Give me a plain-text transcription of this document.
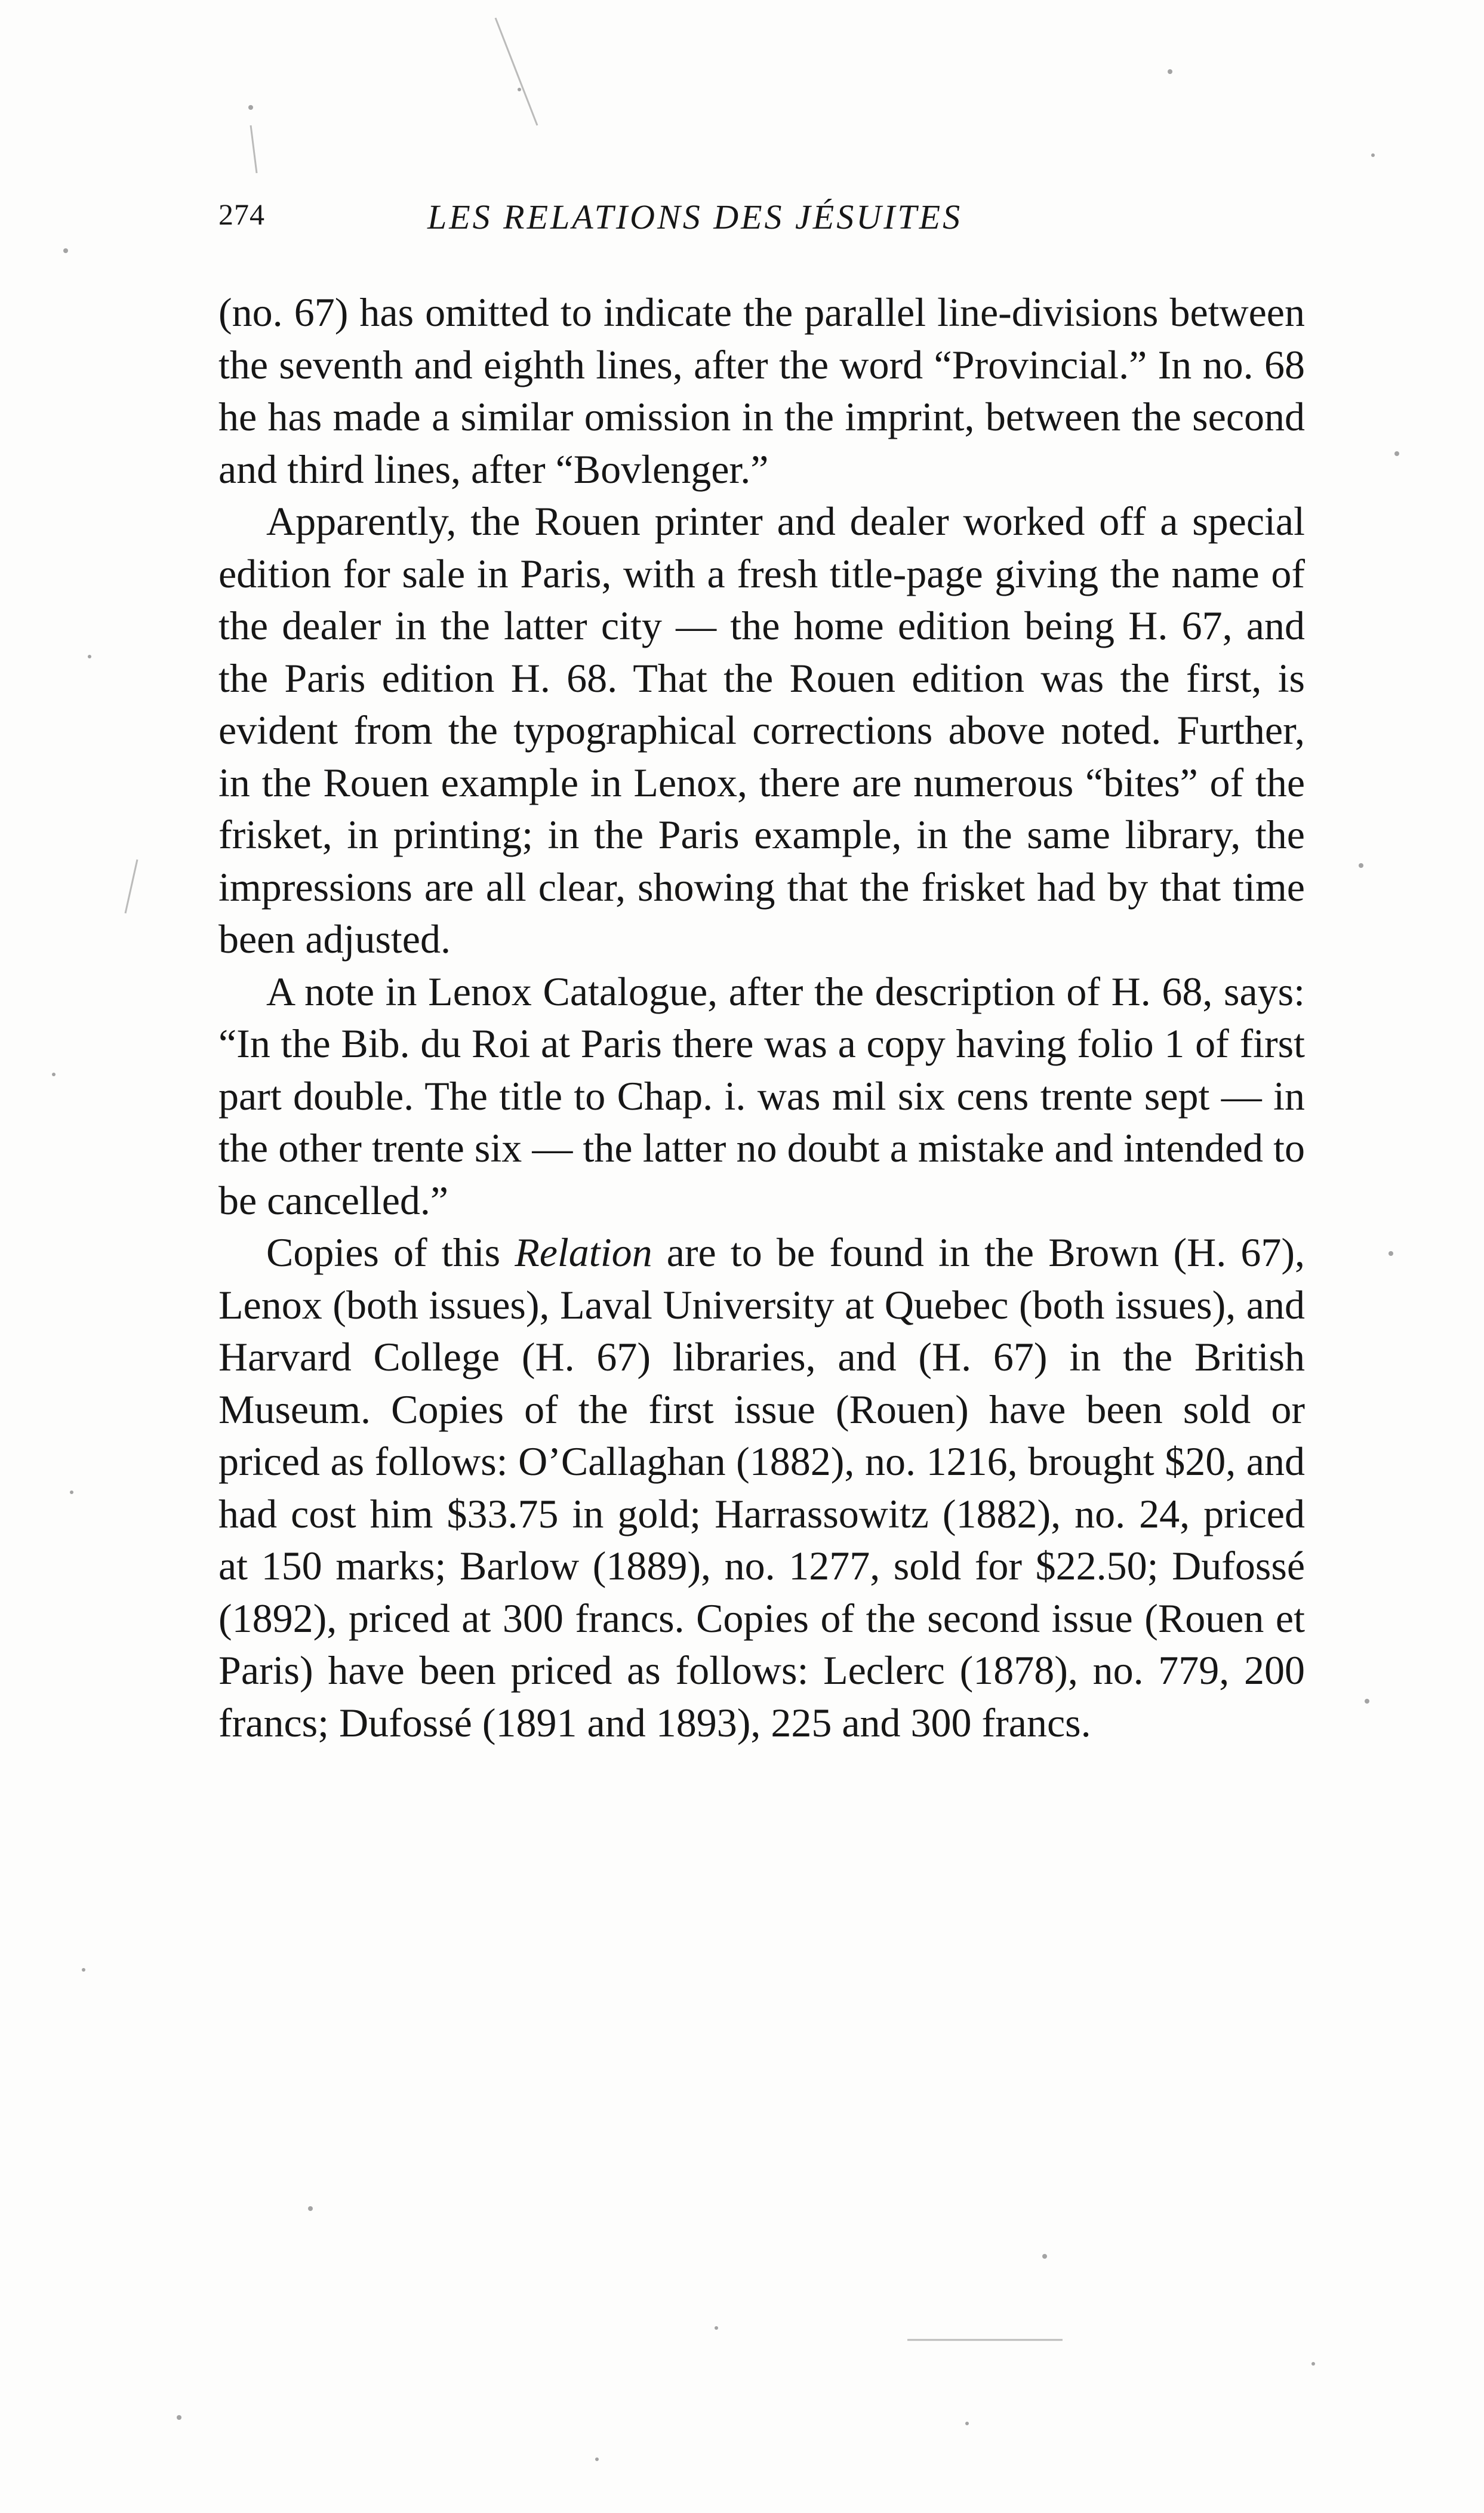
274	LES RELATIONS DES JÉSUITES

(no. 67) has omitted to indicate the parallel line-divisions between the seventh and eighth lines, after the word “Provincial.” In no. 68 he has made a similar omission in the imprint, between the second and third lines, after “Bovlenger.”

Apparently, the Rouen printer and dealer worked off a special edition for sale in Paris, with a fresh title-page giving the name of the dealer in the latter city — the home edition being H. 67, and the Paris edition H. 68. That the Rouen edition was the first, is evident from the typographical corrections above noted. Further, in the Rouen example in Lenox, there are numerous “bites” of the frisket, in printing; in the Paris example, in the same library, the impressions are all clear, showing that the frisket had by that time been adjusted.

A note in Lenox Catalogue, after the description of H. 68, says: “In the Bib. du Roi at Paris there was a copy having folio 1 of first part double. The title to Chap. i. was mil six cens trente sept — in the other trente six — the latter no doubt a mistake and intended to be cancelled.”

Copies of this Relation are to be found in the Brown (H. 67), Lenox (both issues), Laval University at Quebec (both issues), and Harvard College (H. 67) libraries, and (H. 67) in the British Museum. Copies of the first issue (Rouen) have been sold or priced as follows: O’Callaghan (1882), no. 1216, brought $20, and had cost him $33.75 in gold; Harrassowitz (1882), no. 24, priced at 150 marks; Barlow (1889), no. 1277, sold for $22.50; Dufossé (1892), priced at 300 francs. Copies of the second issue (Rouen et Paris) have been priced as follows: Leclerc (1878), no. 779, 200 francs; Dufossé (1891 and 1893), 225 and 300 francs.
